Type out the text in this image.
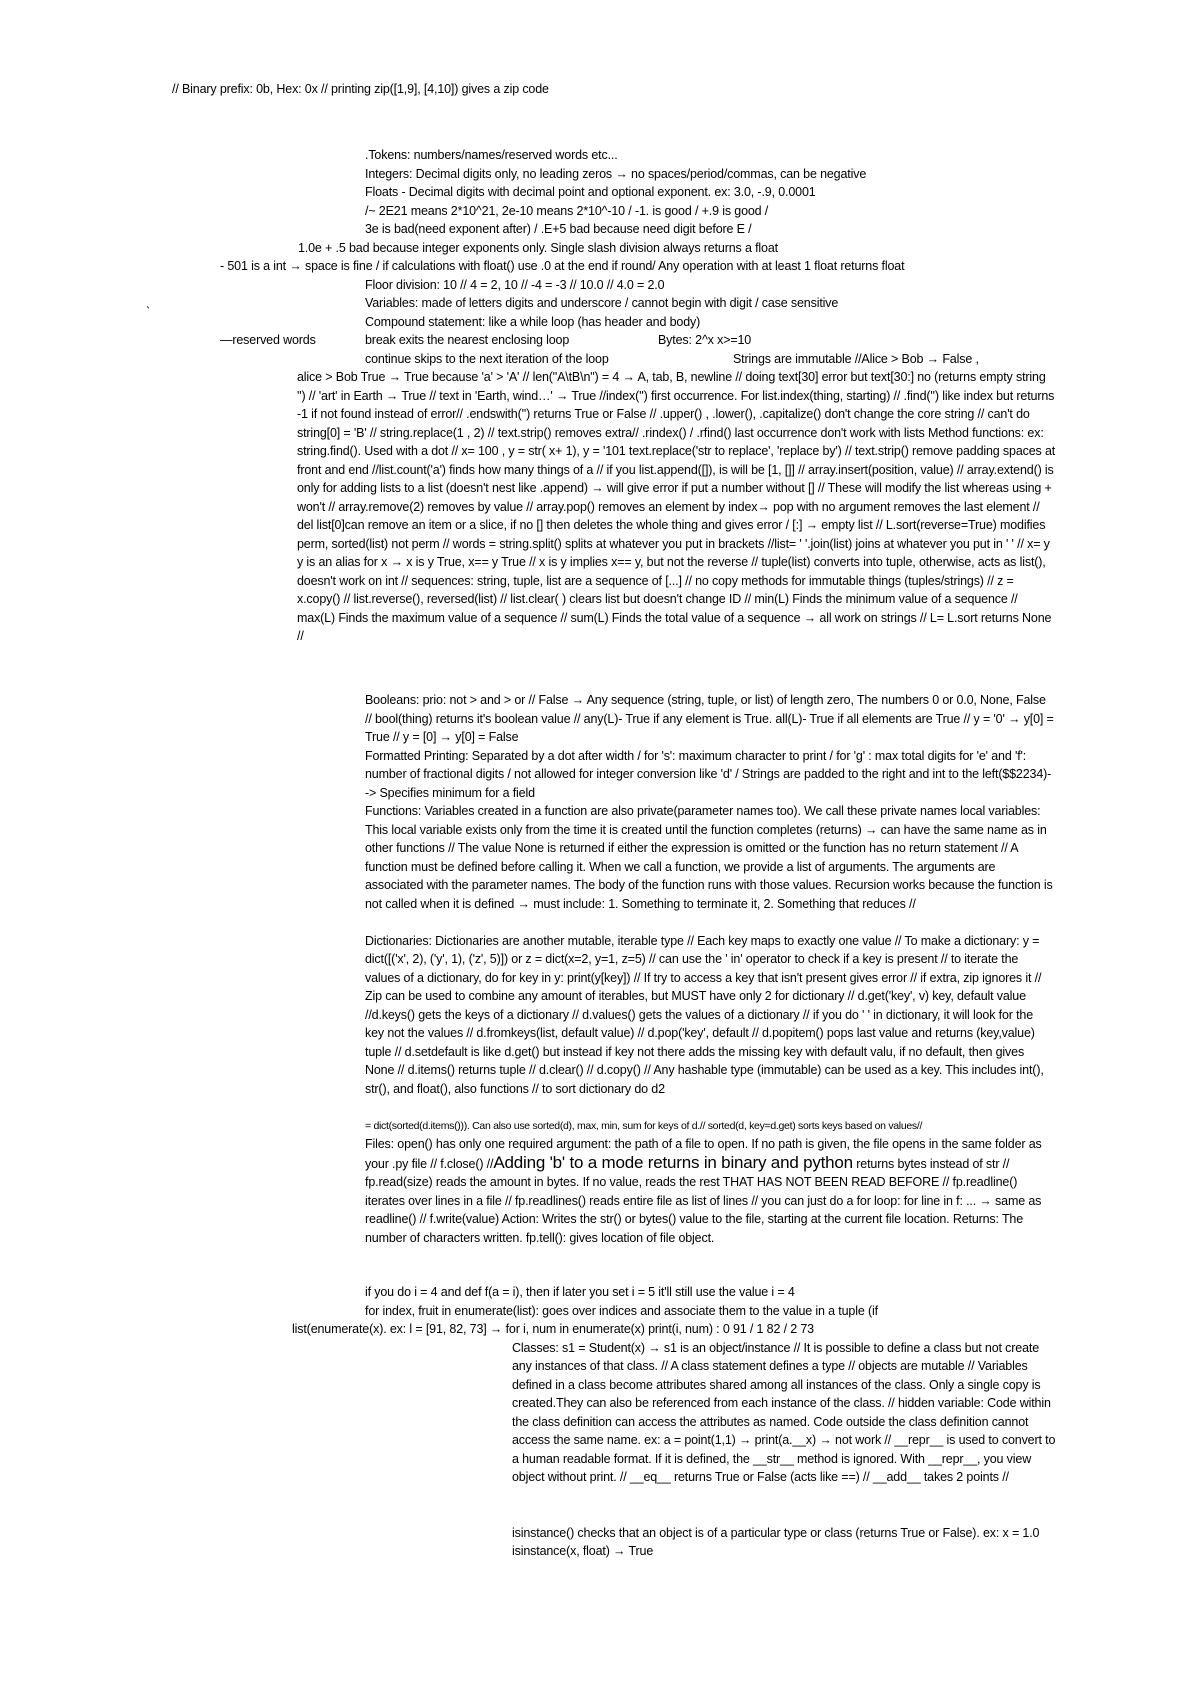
// Binary prefix: 0b, Hex: 0x // printing zip([1,9], [4,10]) gives a zip code
.Tokens: numbers/names/reserved words etc...
Integers: Decimal digits only, no leading zeros → no spaces/period/commas, can be negative
Floats - Decimal digits with decimal point and optional exponent. ex: 3.0, -.9, 0.0001
/~ 2E21 means 2*10^21, 2e-10 means 2*10^-10 / -1. is good / +.9 is good /
3e is bad(need exponent after) / .E+5 bad because need digit before E /
1.0e + .5 bad because integer exponents only. Single slash division always returns a float
- 501 is a int → space is fine / if calculations with float() use .0 at the end if round/ Any operation with at least 1 float returns float
Floor division: 10 // 4 = 2, 10 // -4 = -3 // 10.0 // 4.0 = 2.0
Variables: made of letters digits and underscore / cannot begin with digit / case sensitive
`
Compound statement: like a while loop (has header and body)
—reserved words	break exits the nearest enclosing loop	Bytes: 2^x x>=10
continue skips to the next iteration of the loop	Strings are immutable //Alice > Bob → False ,
alice > Bob True → True because 'a' > 'A' // len("A\tB\n") = 4 → A, tab, B, newline // doing text[30] error but text[30:] no (returns empty string '') // 'art' in Earth → True // text in 'Earth, wind…' → True //index('') first occurrence. For list.index(thing, starting) // .find('') like index but returns -1 if not found instead of error// .endswith('') returns True or False // .upper() , .lower(), .capitalize() don't change the core string // can't do string[0] = 'B' // string.replace(1 , 2) // text.strip() removes extra// .rindex() / .rfind() last occurrence don't work with lists Method functions: ex: string.find(). Used with a dot // x= 100 , y = str( x+ 1), y = '101 text.replace('str to replace', 'replace by') // text.strip() remove padding spaces at front and end //list.count('a') finds how many things of a // if you list.append([]), is will be [1, []] // array.insert(position, value) // array.extend() is only for adding lists to a list (doesn't nest like .append) → will give error if put a number without [] // These will modify the list whereas using + won't // array.remove(2) removes by value // array.pop() removes an element by index→ pop with no argument removes the last element // del list[0]can remove an item or a slice, if no [] then deletes the whole thing and gives error / [:] → empty list // L.sort(reverse=True) modifies perm, sorted(list) not perm // words = string.split() splits at whatever you put in brackets //list= ' '.join(list) joins at whatever you put in ' ' // x= y y is an alias for x → x is y True, x== y True // x is y implies x== y, but not the reverse // tuple(list) converts into tuple, otherwise, acts as list(), doesn't work on int // sequences: string, tuple, list are a sequence of [...] // no copy methods for immutable things (tuples/strings) // z = x.copy() // list.reverse(), reversed(list) // list.clear( ) clears list but doesn't change ID // min(L) Finds the minimum value of a sequence // max(L) Finds the maximum value of a sequence // sum(L) Finds the total value of a sequence → all work on strings // L= L.sort returns None //
Booleans: prio: not > and > or // False → Any sequence (string, tuple, or list) of length zero, The numbers 0 or 0.0, None, False // bool(thing) returns it's boolean value // any(L)- True if any element is True. all(L)- True if all elements are True // y = '0' → y[0] = True // y = [0] → y[0] = False
Formatted Printing: Separated by a dot after width / for 's': maximum character to print / for 'g' : max total digits for 'e' and 'f': number of fractional digits / not allowed for integer conversion like 'd' / Strings are padded to the right and int to the left($$2234)--> Specifies minimum for a field
Functions: Variables created in a function are also private(parameter names too). We call these private names local variables: This local variable exists only from the time it is created until the function completes (returns) → can have the same name as in other functions // The value None is returned if either the expression is omitted or the function has no return statement // A function must be defined before calling it. When we call a function, we provide a list of arguments. The arguments are associated with the parameter names. The body of the function runs with those values. Recursion works because the function is not called when it is defined → must include: 1. Something to terminate it, 2. Something that reduces //
Dictionaries: Dictionaries are another mutable, iterable type // Each key maps to exactly one value // To make a dictionary: y = dict([('x', 2), ('y', 1), ('z', 5)]) or z = dict(x=2, y=1, z=5) // can use the ' in' operator to check if a key is present // to iterate the values of a dictionary, do for key in y: print(y[key]) // If try to access a key that isn't present gives error // if extra, zip ignores it // Zip can be used to combine any amount of iterables, but MUST have only 2 for dictionary // d.get('key', v) key, default value //d.keys() gets the keys of a dictionary // d.values() gets the values of a dictionary // if you do ' ' in dictionary, it will look for the key not the values // d.fromkeys(list, default value) // d.pop('key', default // d.popitem() pops last value and returns (key,value) tuple // d.setdefault is like d.get() but instead if key not there adds the missing key with default valu, if no default, then gives None // d.items() returns tuple // d.clear() // d.copy() // Any hashable type (immutable) can be used as a key. This includes int(), str(), and float(), also functions // to sort dictionary do d2
= dict(sorted(d.items())). Can also use sorted(d), max, min, sum for keys of d.// sorted(d, key=d.get) sorts keys based on values//
Files: open() has only one required argument: the path of a file to open. If no path is given, the file opens in the same folder as your .py file // f.close() //Adding 'b' to a mode returns in binary and python returns bytes instead of str // fp.read(size) reads the amount in bytes. If no value, reads the rest THAT HAS NOT BEEN READ BEFORE // fp.readline() iterates over lines in a file // fp.readlines() reads entire file as list of lines // you can just do a for loop: for line in f: ... → same as readline() // f.write(value) Action: Writes the str() or bytes() value to the file, starting at the current file location. Returns: The number of characters written. fp.tell(): gives location of file object.
if you do i = 4 and def f(a = i), then if later you set i = 5 it'll still use the value i = 4
for index, fruit in enumerate(list): goes over indices and associate them to the value in a tuple (if
list(enumerate(x). ex: l = [91, 82, 73] → for i, num in enumerate(x) print(i, num) : 0 91 / 1 82 / 2 73
Classes: s1 = Student(x) → s1 is an object/instance // It is possible to define a class but not create any instances of that class. // A class statement defines a type // objects are mutable // Variables defined in a class become attributes shared among all instances of the class. Only a single copy is created.They can also be referenced from each instance of the class. // hidden variable: Code within the class definition can access the attributes as named. Code outside the class definition cannot access the same name. ex: a = point(1,1) → print(a.__x) → not work // __repr__ is used to convert to a human readable format. If it is defined, the __str__ method is ignored. With __repr__, you view object without print. // __eq__ returns True or False (acts like ==) // __add__ takes 2 points //
isinstance() checks that an object is of a particular type or class (returns True or False). ex: x = 1.0 isinstance(x, float) → True
